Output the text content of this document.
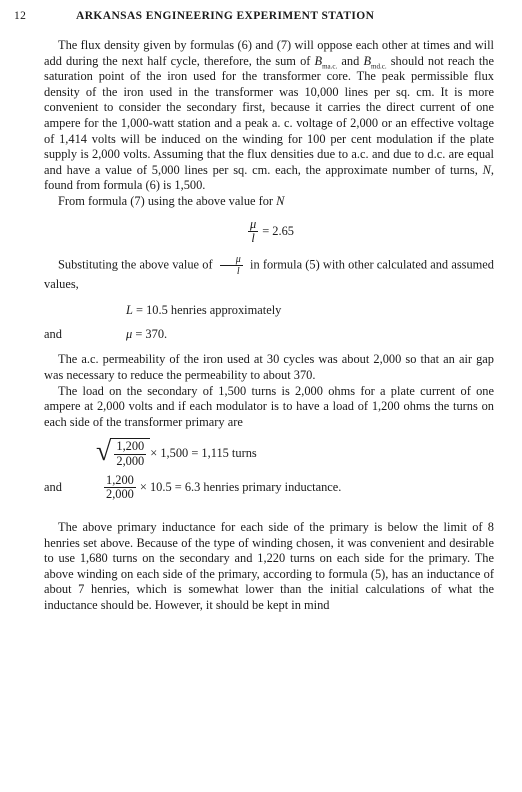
12	ARKANSAS ENGINEERING EXPERIMENT STATION

The flux density given by formulas (6) and (7) will oppose each other at times and will add during the next half cycle, therefore, the sum of $B_{ma.c.}$ and $B_{md.c.}$ should not reach the saturation point of the iron used for the transformer core. The peak permissible flux density of the iron used in the transformer was 10,000 lines per sq. cm. It is more convenient to consider the secondary first, because it carries the direct current of one ampere for the 1,000-watt station and a peak a. c. voltage of 2,000 or an effective voltage of 1,414 volts will be induced on the winding for 100 per cent modulation if the plate supply is 2,000 volts. Assuming that the flux densities due to a.c. and due to d.c. are equal and have a value of 5,000 lines per sq. cm. each, the approximate number of turns, N, found from formula (6) is 1,500.

From formula (7) using the above value for N

$\frac{\mu}{l} = 2.65$

Substituting the above value of $\frac{\mu}{l}$ in formula (5) with other calculated and assumed values,

L = 10.5 henries approximately
and	μ = 370.

The a.c. permeability of the iron used at 30 cycles was about 2,000 so that an air gap was necessary to reduce the permeability to about 370.

The load on the secondary of 1,500 turns is 2,000 ohms for a plate current of one ampere at 2,000 volts and if each modulator is to have a load of 1,200 ohms the turns on each side of the transformer primary are

√ $\frac{1,200}{2,000} \times 1,500 = 1,115$ turns
and	$\frac{1,200}{2,000} \times 10.5 = 6.3$ henries primary inductance.

The above primary inductance for each side of the primary is below the limit of 8 henries set above. Because of the type of winding chosen, it was convenient and desirable to use 1,680 turns on the secondary and 1,220 turns on each side for the primary. The above winding on each side of the primary, according to formula (5), has an inductance of about 7 henries, which is somewhat lower than the initial calculations of what the inductance should be. However, it should be kept in mind
